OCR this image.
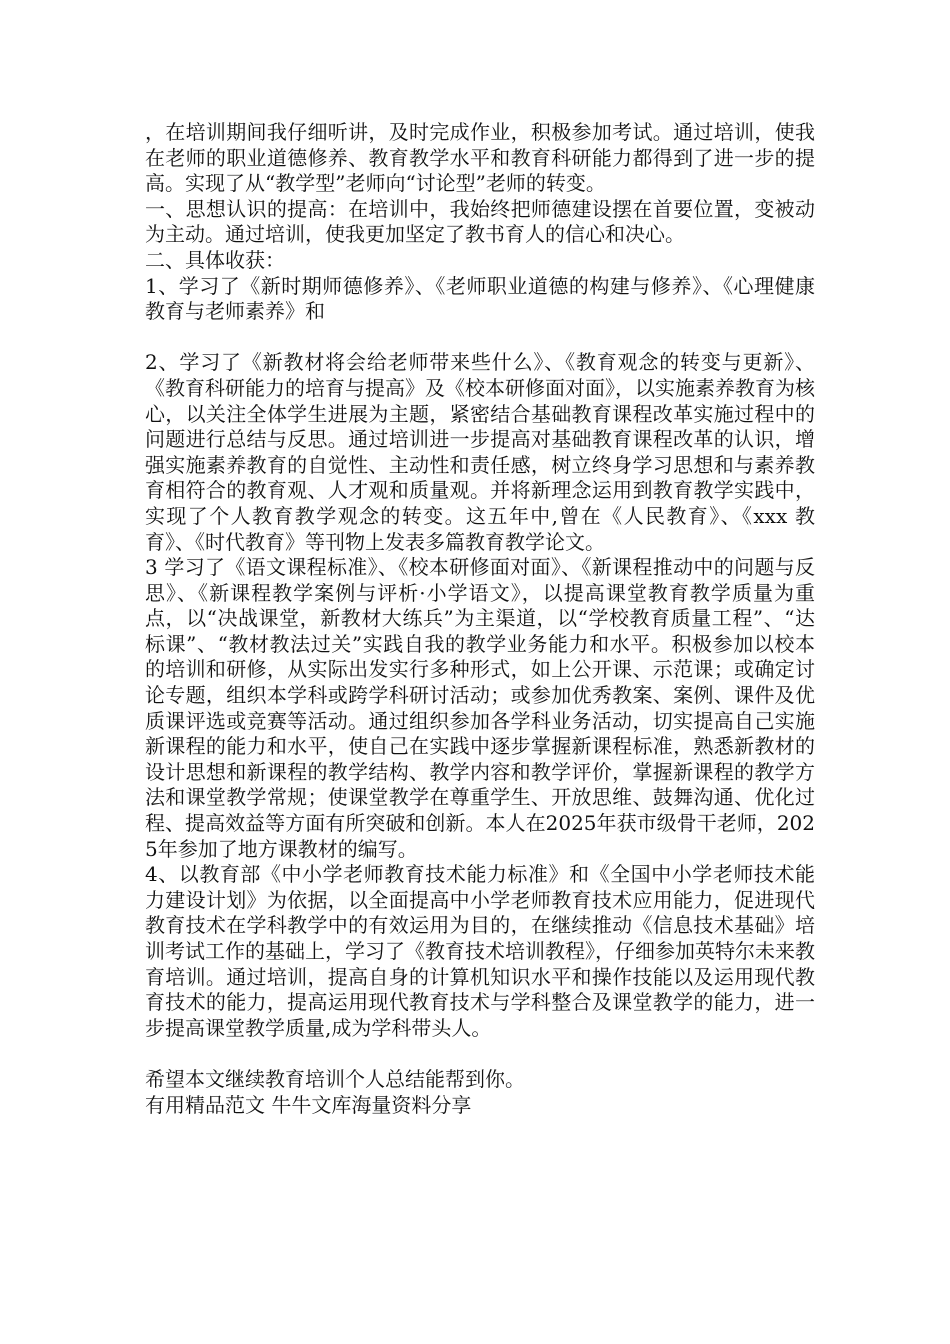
，在培训期间我仔细听讲，及时完成作业，积极参加考试。通过培训，使我在老师的职业道德修养、教育教学水平和教育科研能力都得到了进一步的提高。实现了从“教学型”老师向“讨论型”老师的转变。

一、思想认识的提高：在培训中，我始终把师德建设摆在首要位置，变被动为主动。通过培训，使我更加坚定了教书育人的信心和决心。

二、具体收获：

1、学习了《新时期师德修养》、《老师职业道德的构建与修养》、《心理健康教育与老师素养》和

2、学习了《新教材将会给老师带来些什么》、《教育观念的转变与更新》、《教育科研能力的培育与提高》及《校本研修面对面》，以实施素养教育为核心，以关注全体学生进展为主题，紧密结合基础教育课程改革实施过程中的问题进行总结与反思。通过培训进一步提高对基础教育课程改革的认识，增强实施素养教育的自觉性、主动性和责任感，树立终身学习思想和与素养教育相符合的教育观、人才观和质量观。并将新理念运用到教育教学实践中，实现了个人教育教学观念的转变。这五年中,曾在《人民教育》、《xxx 教育》、《时代教育》等刊物上发表多篇教育教学论文。

3 学习了《语文课程标准》、《校本研修面对面》、《新课程推动中的问题与反思》、《新课程教学案例与评析·小学语文》，以提高课堂教育教学质量为重点，以“决战课堂，新教材大练兵”为主渠道，以“学校教育质量工程”、“达标课”、“教材教法过关”实践自我的教学业务能力和水平。积极参加以校本的培训和研修，从实际出发实行多种形式，如上公开课、示范课；或确定讨论专题，组织本学科或跨学科研讨活动；或参加优秀教案、案例、课件及优质课评选或竞赛等活动。通过组织参加各学科业务活动，切实提高自己实施新课程的能力和水平，使自己在实践中逐步掌握新课程标准，熟悉新教材的设计思想和新课程的教学结构、教学内容和教学评价，掌握新课程的教学方法和课堂教学常规；使课堂教学在尊重学生、开放思维、鼓舞沟通、优化过程、提高效益等方面有所突破和创新。本人在2025年获市级骨干老师，2025年参加了地方课教材的编写。

4、以教育部《中小学老师教育技术能力标准》和《全国中小学老师技术能力建设计划》为依据，以全面提高中小学老师教育技术应用能力，促进现代教育技术在学科教学中的有效运用为目的，在继续推动《信息技术基础》培训考试工作的基础上，学习了《教育技术培训教程》，仔细参加英特尔未来教育培训。通过培训，提高自身的计算机知识水平和操作技能以及运用现代教育技术的能力，提高运用现代教育技术与学科整合及课堂教学的能力，进一步提高课堂教学质量,成为学科带头人。

希望本文继续教育培训个人总结能帮到你。

有用精品范文 牛牛文库海量资料分享
